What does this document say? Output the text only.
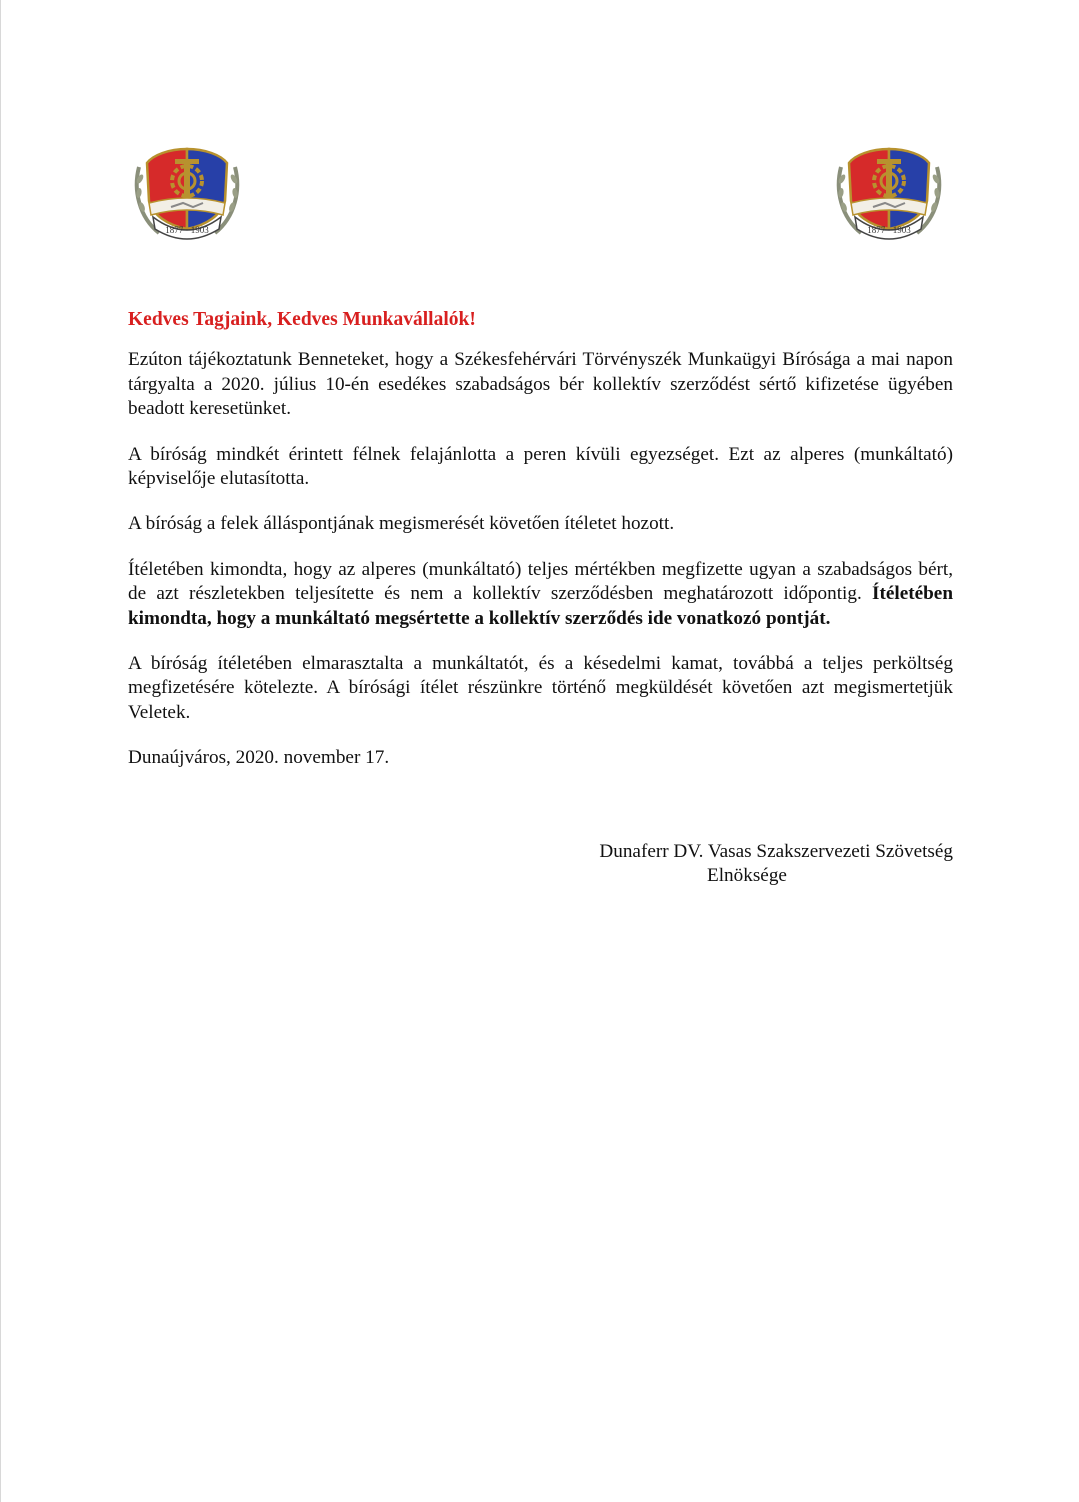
1877 · 1903	1877 · 1903

Kedves Tagjaink, Kedves Munkavállalók!

Ezúton tájékoztatunk Benneteket, hogy a Székesfehérvári Törvényszék Munkaügyi Bírósága a mai napon tárgyalta a 2020. július 10-én esedékes szabadságos bér kollektív szerződést sértő kifizetése ügyében beadott keresetünket.

A bíróság mindkét érintett félnek felajánlotta a peren kívüli egyezséget. Ezt az alperes (munkáltató) képviselője elutasította.

A bíróság a felek álláspontjának megismerését követően ítéletet hozott.

Ítéletében kimondta, hogy az alperes (munkáltató) teljes mértékben megfizette ugyan a szabadságos bért, de azt részletekben teljesítette és nem a kollektív szerződésben meghatározott időpontig. Ítéletében kimondta, hogy a munkáltató megsértette a kollektív szerződés ide vonatkozó pontját.

A bíróság ítéletében elmarasztalta a munkáltatót, és a késedelmi kamat, továbbá a teljes perköltség megfizetésére kötelezte. A bírósági ítélet részünkre történő megküldését követően azt megismertetjük Veletek.

Dunaújváros, 2020. november 17.

Dunaferr DV. Vasas Szakszervezeti Szövetség
Elnöksége
